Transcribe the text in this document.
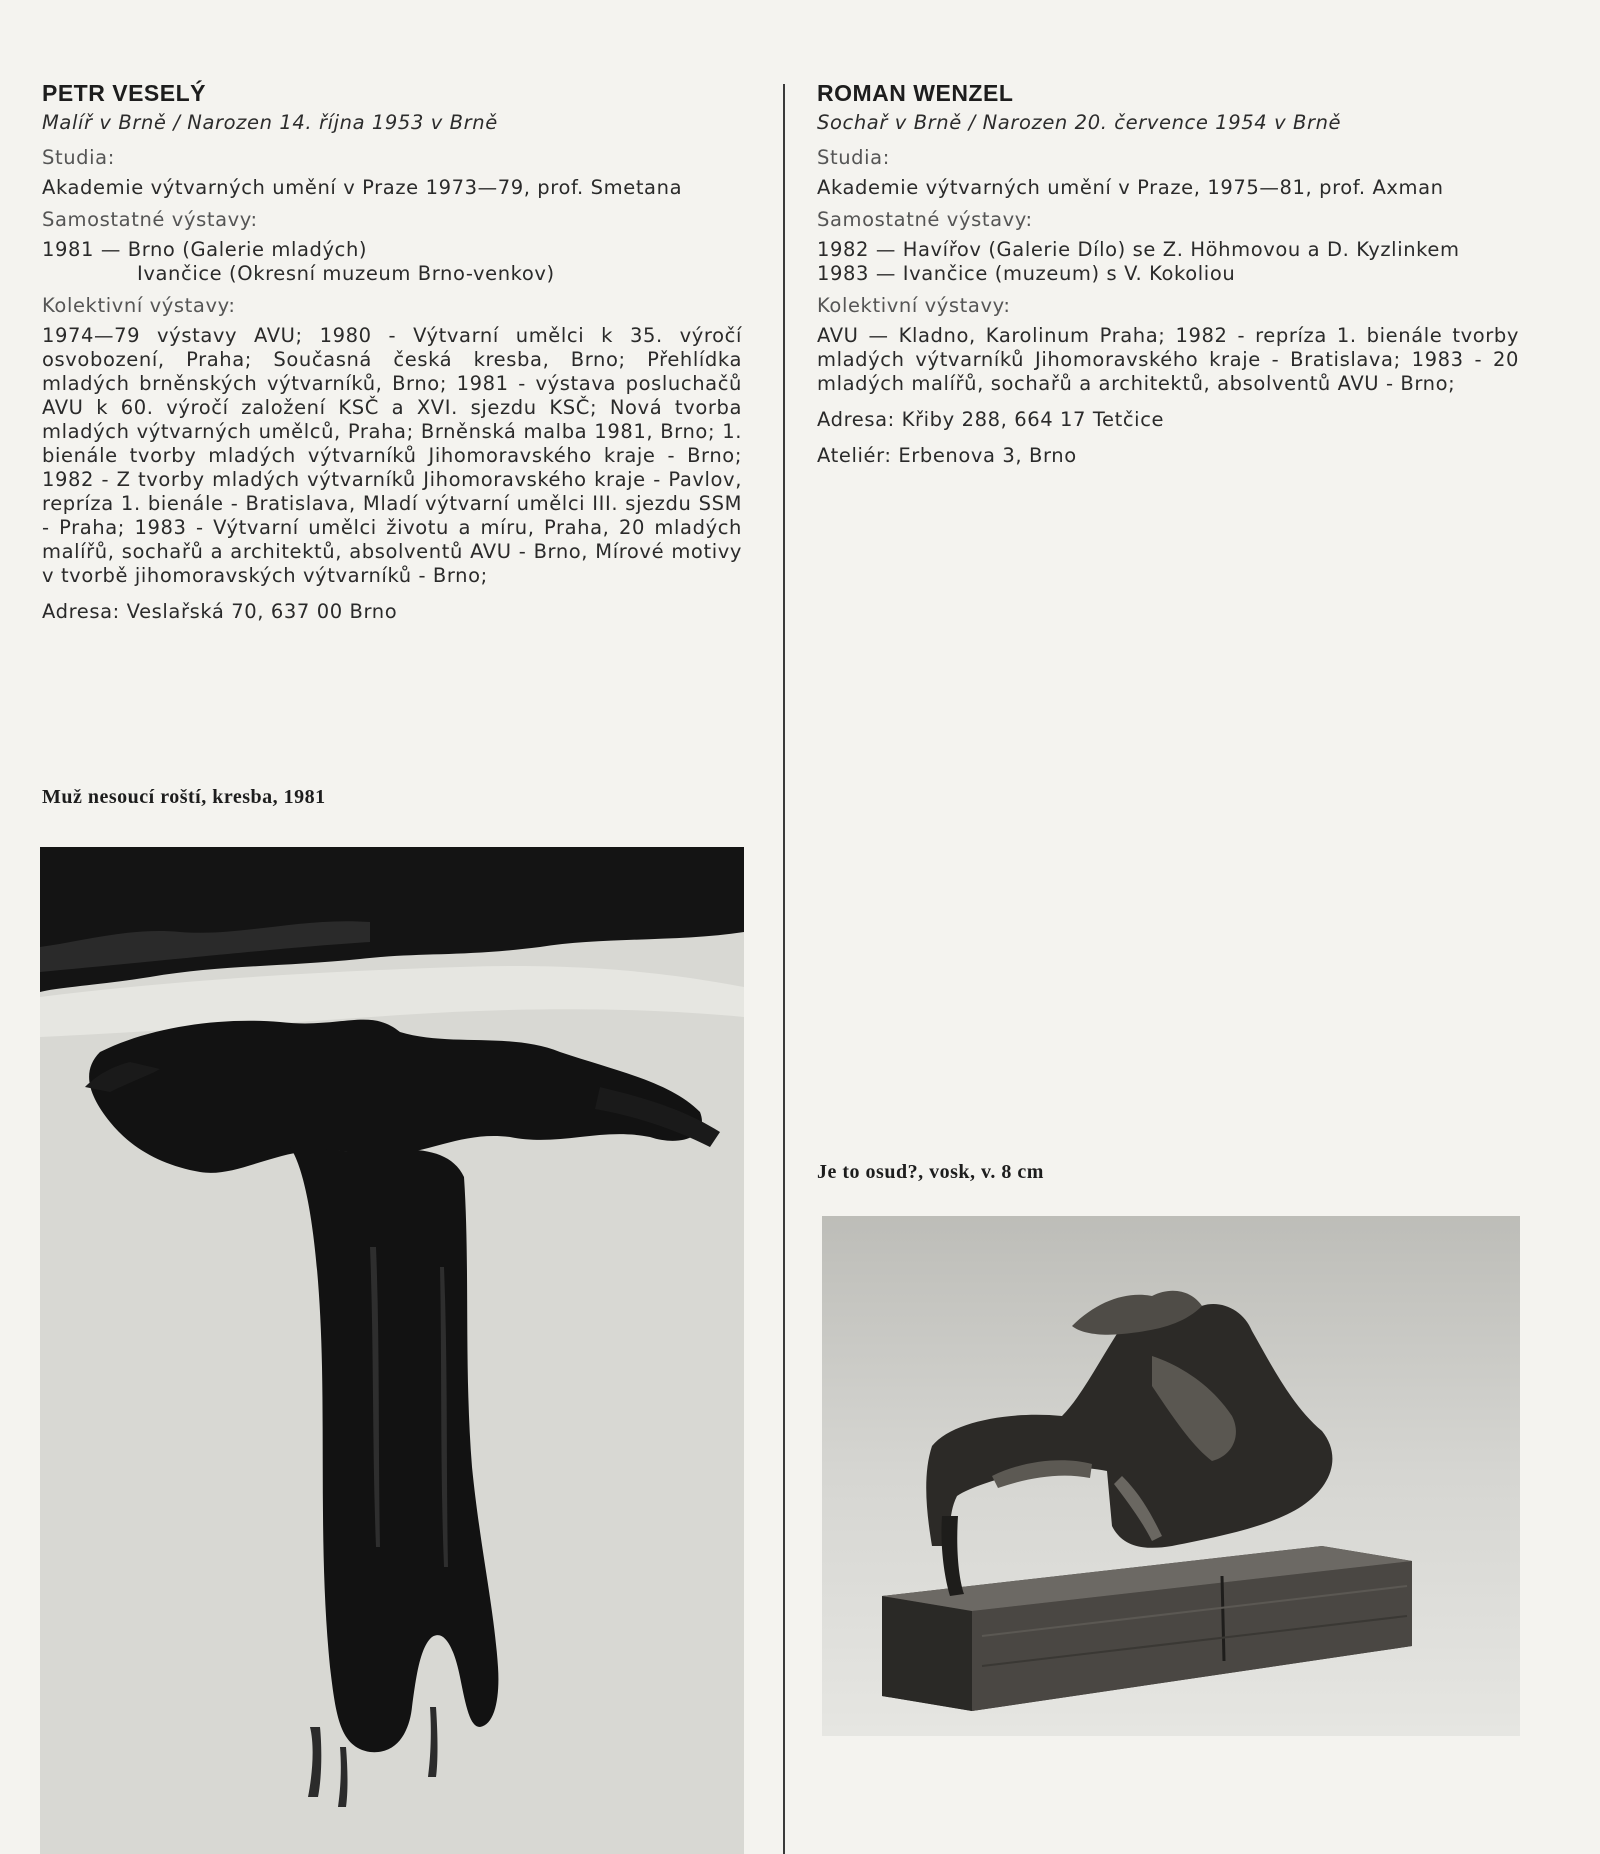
PETR VESELÝ

Malíř v Brně / Narozen 14. října 1953 v Brně

Studia:

Akademie výtvarných umění v Praze 1973—79, prof. Smetana

Samostatné výstavy:

1981 — Brno (Galerie mladých)

Ivančice (Okresní muzeum Brno-venkov)

Kolektivní výstavy:

1974—79 výstavy AVU; 1980 - Výtvarní umělci k 35. výročí osvobození, Praha; Současná česká kresba, Brno; Přehlídka mladých brněnských výtvarníků, Brno; 1981 - výstava posluchačů AVU k 60. výročí založení KSČ a XVI. sjezdu KSČ; Nová tvorba mladých výtvarných umělců, Praha; Brněnská malba 1981, Brno; 1. bienále tvorby mladých výtvarníků Jihomoravského kraje - Brno; 1982 - Z tvorby mladých výtvarníků Jihomoravského kraje - Pavlov, repríza 1. bienále - Bratislava, Mladí výtvarní umělci III. sjezdu SSM - Praha; 1983 - Výtvarní umělci životu a míru, Praha, 20 mladých malířů, sochařů a architektů, absolventů AVU - Brno, Mírové motivy v tvorbě jihomoravských výtvarníků - Brno;

Adresa: Veslařská 70, 637 00 Brno

ROMAN WENZEL

Sochař v Brně / Narozen 20. července 1954 v Brně

Studia:

Akademie výtvarných umění v Praze, 1975—81, prof. Axman

Samostatné výstavy:

1982 — Havířov (Galerie Dílo) se Z. Höhmovou a D. Kyzlinkem

1983 — Ivančice (muzeum) s V. Kokoliou

Kolektivní výstavy:

AVU — Kladno, Karolinum Praha; 1982 - repríza 1. bienále tvorby mladých výtvarníků Jihomoravského kraje - Bratislava; 1983 - 20 mladých malířů, sochařů a architektů, absolventů AVU - Brno;

Adresa: Křiby 288, 664 17 Tetčice

Ateliér: Erbenova 3, Brno

Muž nesoucí roští, kresba, 1981
Je to osud?, vosk, v. 8 cm
